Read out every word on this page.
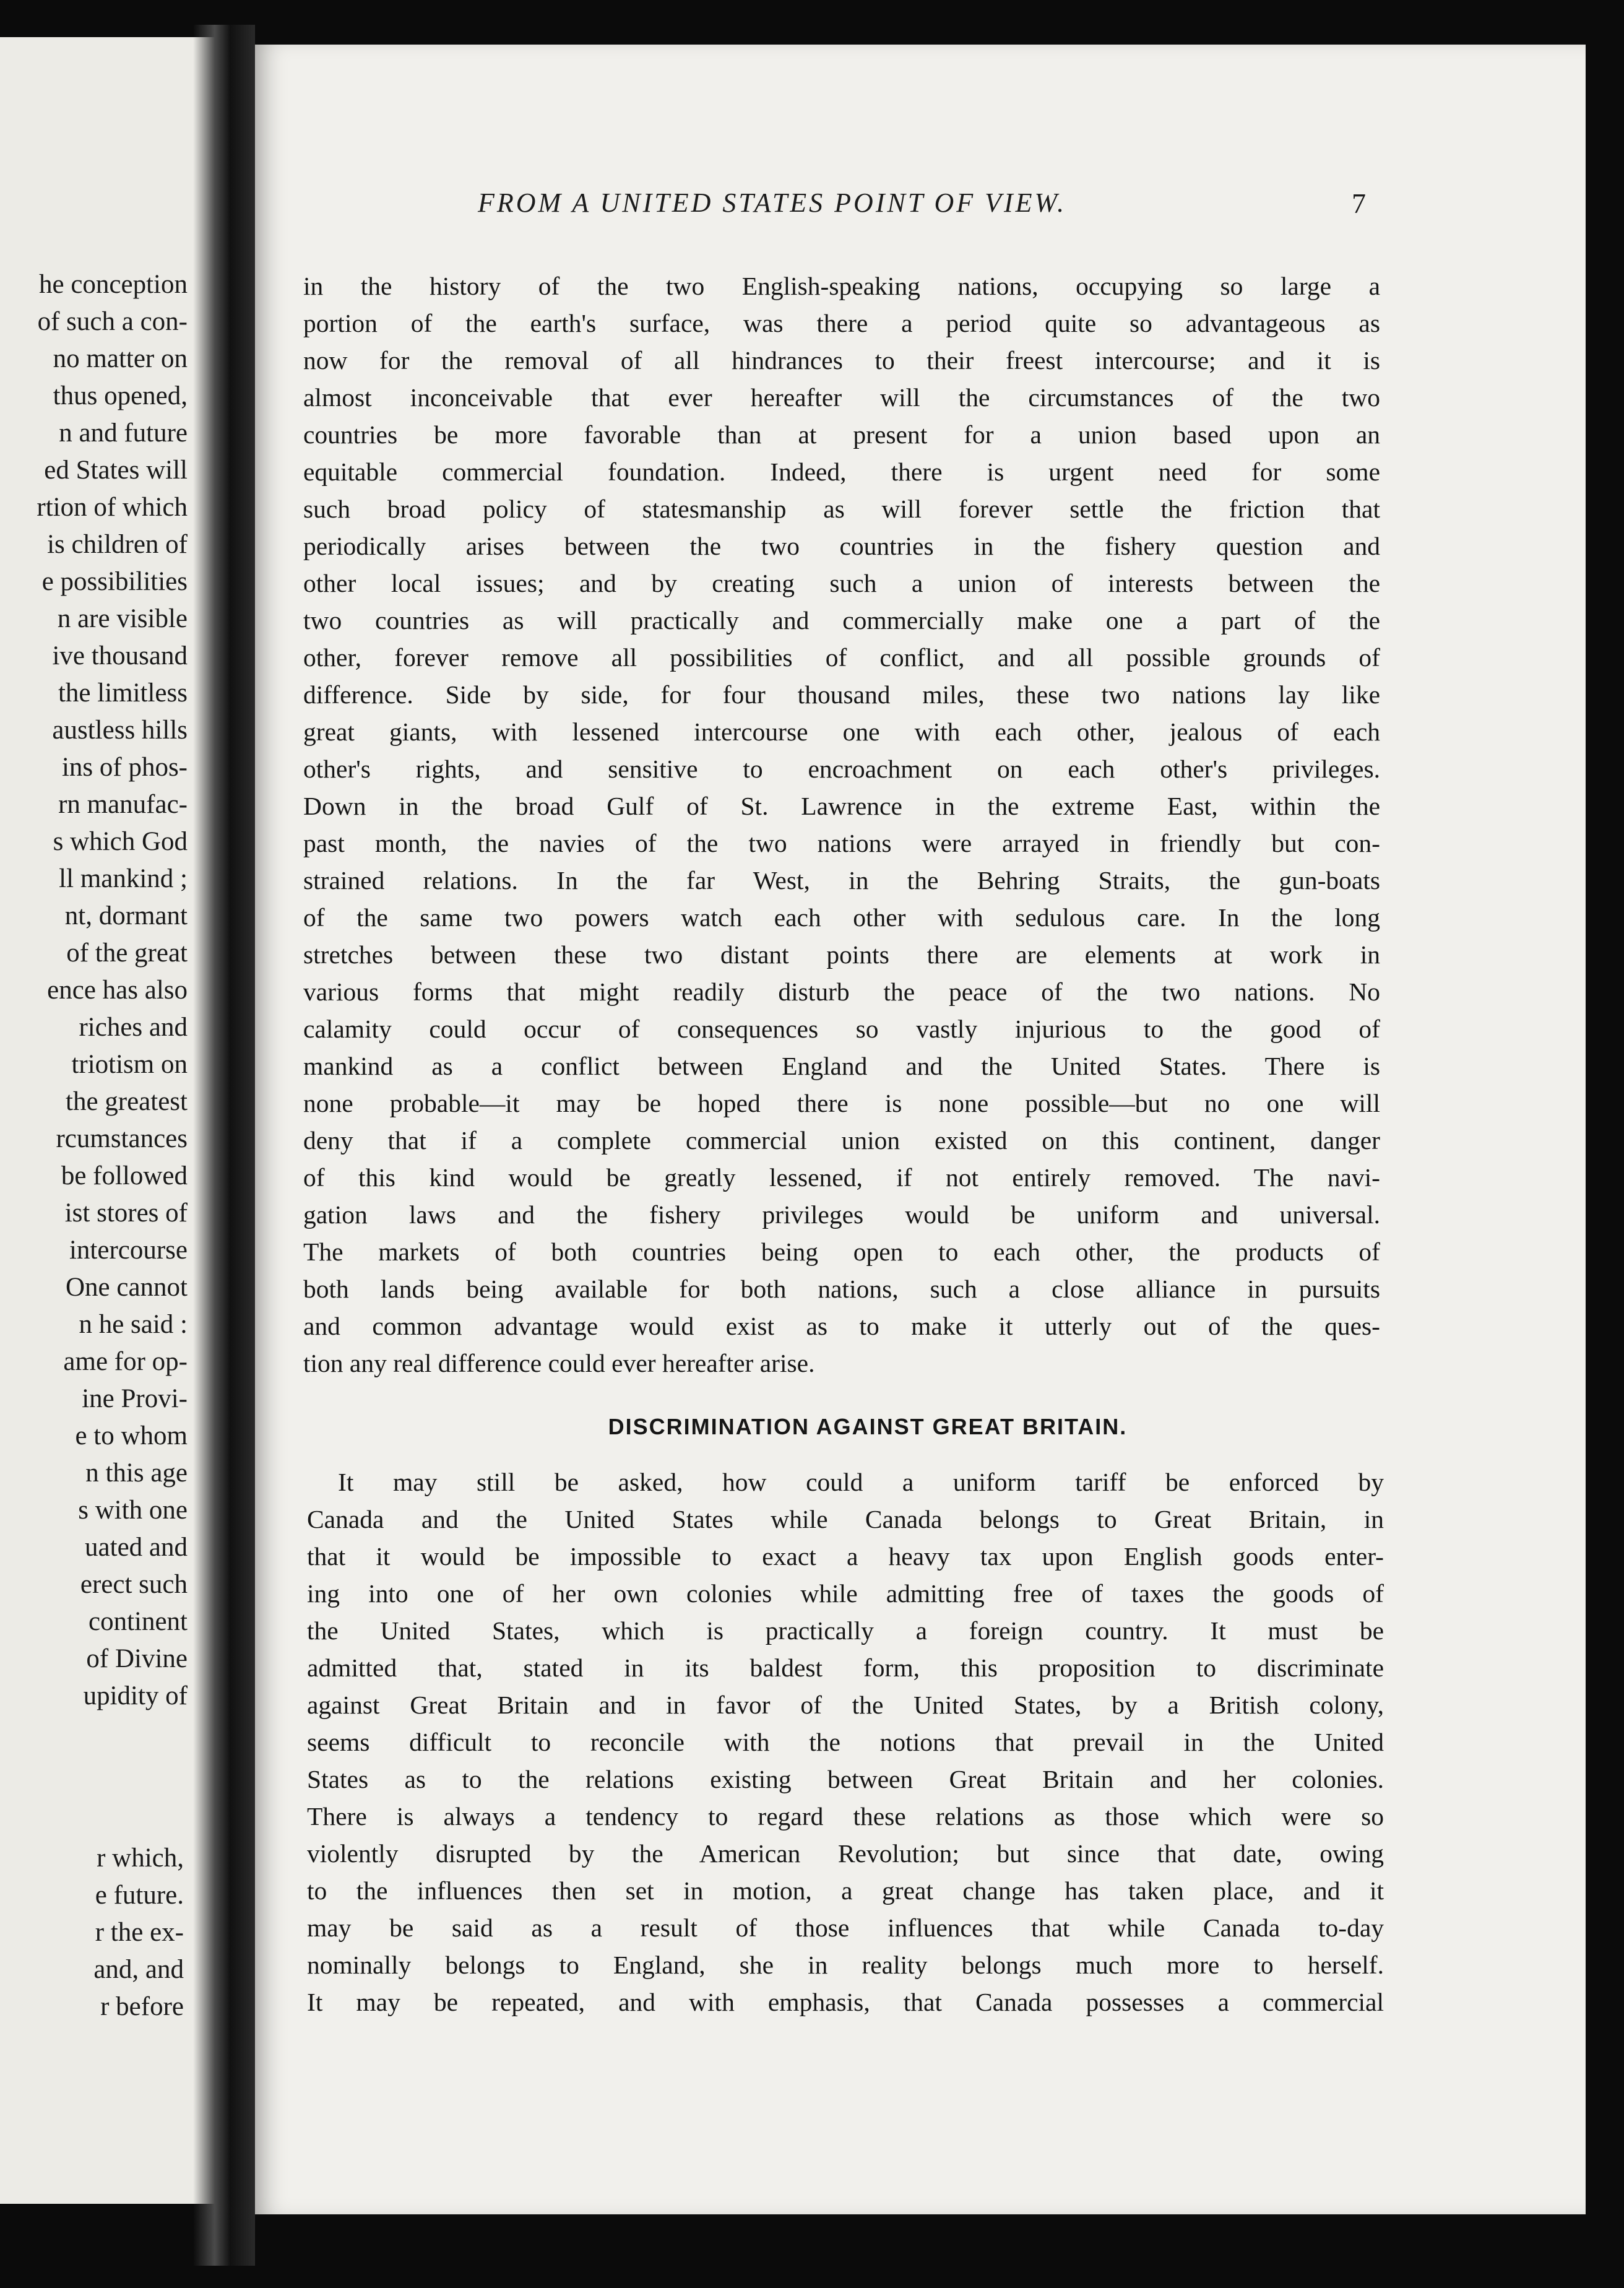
he conception
of such a con-
no matter on
thus opened,
n and future
ed States will
rtion of which
is children of
e possibilities
n are visible
ive thousand
the limitless
austless hills
ins of phos-
rn manufac-
s which God
ll mankind ;
nt, dormant
of the great
ence has also
riches and
triotism on
the greatest
rcumstances
be followed
ist stores of
intercourse
One cannot
n he said :
ame for op-
ine Provi-
e to whom
n this age
s with one
uated and
erect such
continent
of Divine
upidity of
r which,
e future.
r the ex-
and, and
r before
FROM A UNITED STATES POINT OF VIEW.	7
in the history of the two English-speaking nations, occupying so large a
portion of the earth's surface, was there a period quite so advantageous as
now for the removal of all hindrances to their freest intercourse; and it is
almost inconceivable that ever hereafter will the circumstances of the two
countries be more favorable than at present for a union based upon an
equitable commercial foundation. Indeed, there is urgent need for some
such broad policy of statesmanship as will forever settle the friction that
periodically arises between the two countries in the fishery question and
other local issues; and by creating such a union of interests between the
two countries as will practically and commercially make one a part of the
other, forever remove all possibilities of conflict, and all possible grounds of
difference. Side by side, for four thousand miles, these two nations lay like
great giants, with lessened intercourse one with each other, jealous of each
other's rights, and sensitive to encroachment on each other's privileges.
Down in the broad Gulf of St. Lawrence in the extreme East, within the
past month, the navies of the two nations were arrayed in friendly but con-
strained relations. In the far West, in the Behring Straits, the gun-boats
of the same two powers watch each other with sedulous care. In the long
stretches between these two distant points there are elements at work in
various forms that might readily disturb the peace of the two nations. No
calamity could occur of consequences so vastly injurious to the good of
mankind as a conflict between England and the United States. There is
none probable—it may be hoped there is none possible—but no one will
deny that if a complete commercial union existed on this continent, danger
of this kind would be greatly lessened, if not entirely removed. The navi-
gation laws and the fishery privileges would be uniform and universal.
The markets of both countries being open to each other, the products of
both lands being available for both nations, such a close alliance in pursuits
and common advantage would exist as to make it utterly out of the ques-
tion any real difference could ever hereafter arise.
DISCRIMINATION AGAINST GREAT BRITAIN.
It may still be asked, how could a uniform tariff be enforced by
Canada and the United States while Canada belongs to Great Britain, in
that it would be impossible to exact a heavy tax upon English goods enter-
ing into one of her own colonies while admitting free of taxes the goods of
the United States, which is practically a foreign country. It must be
admitted that, stated in its baldest form, this proposition to discriminate
against Great Britain and in favor of the United States, by a British colony,
seems difficult to reconcile with the notions that prevail in the United
States as to the relations existing between Great Britain and her colonies.
There is always a tendency to regard these relations as those which were so
violently disrupted by the American Revolution; but since that date, owing
to the influences then set in motion, a great change has taken place, and it
may be said as a result of those influences that while Canada to-day
nominally belongs to England, she in reality belongs much more to herself.
It may be repeated, and with emphasis, that Canada possesses a commercial
